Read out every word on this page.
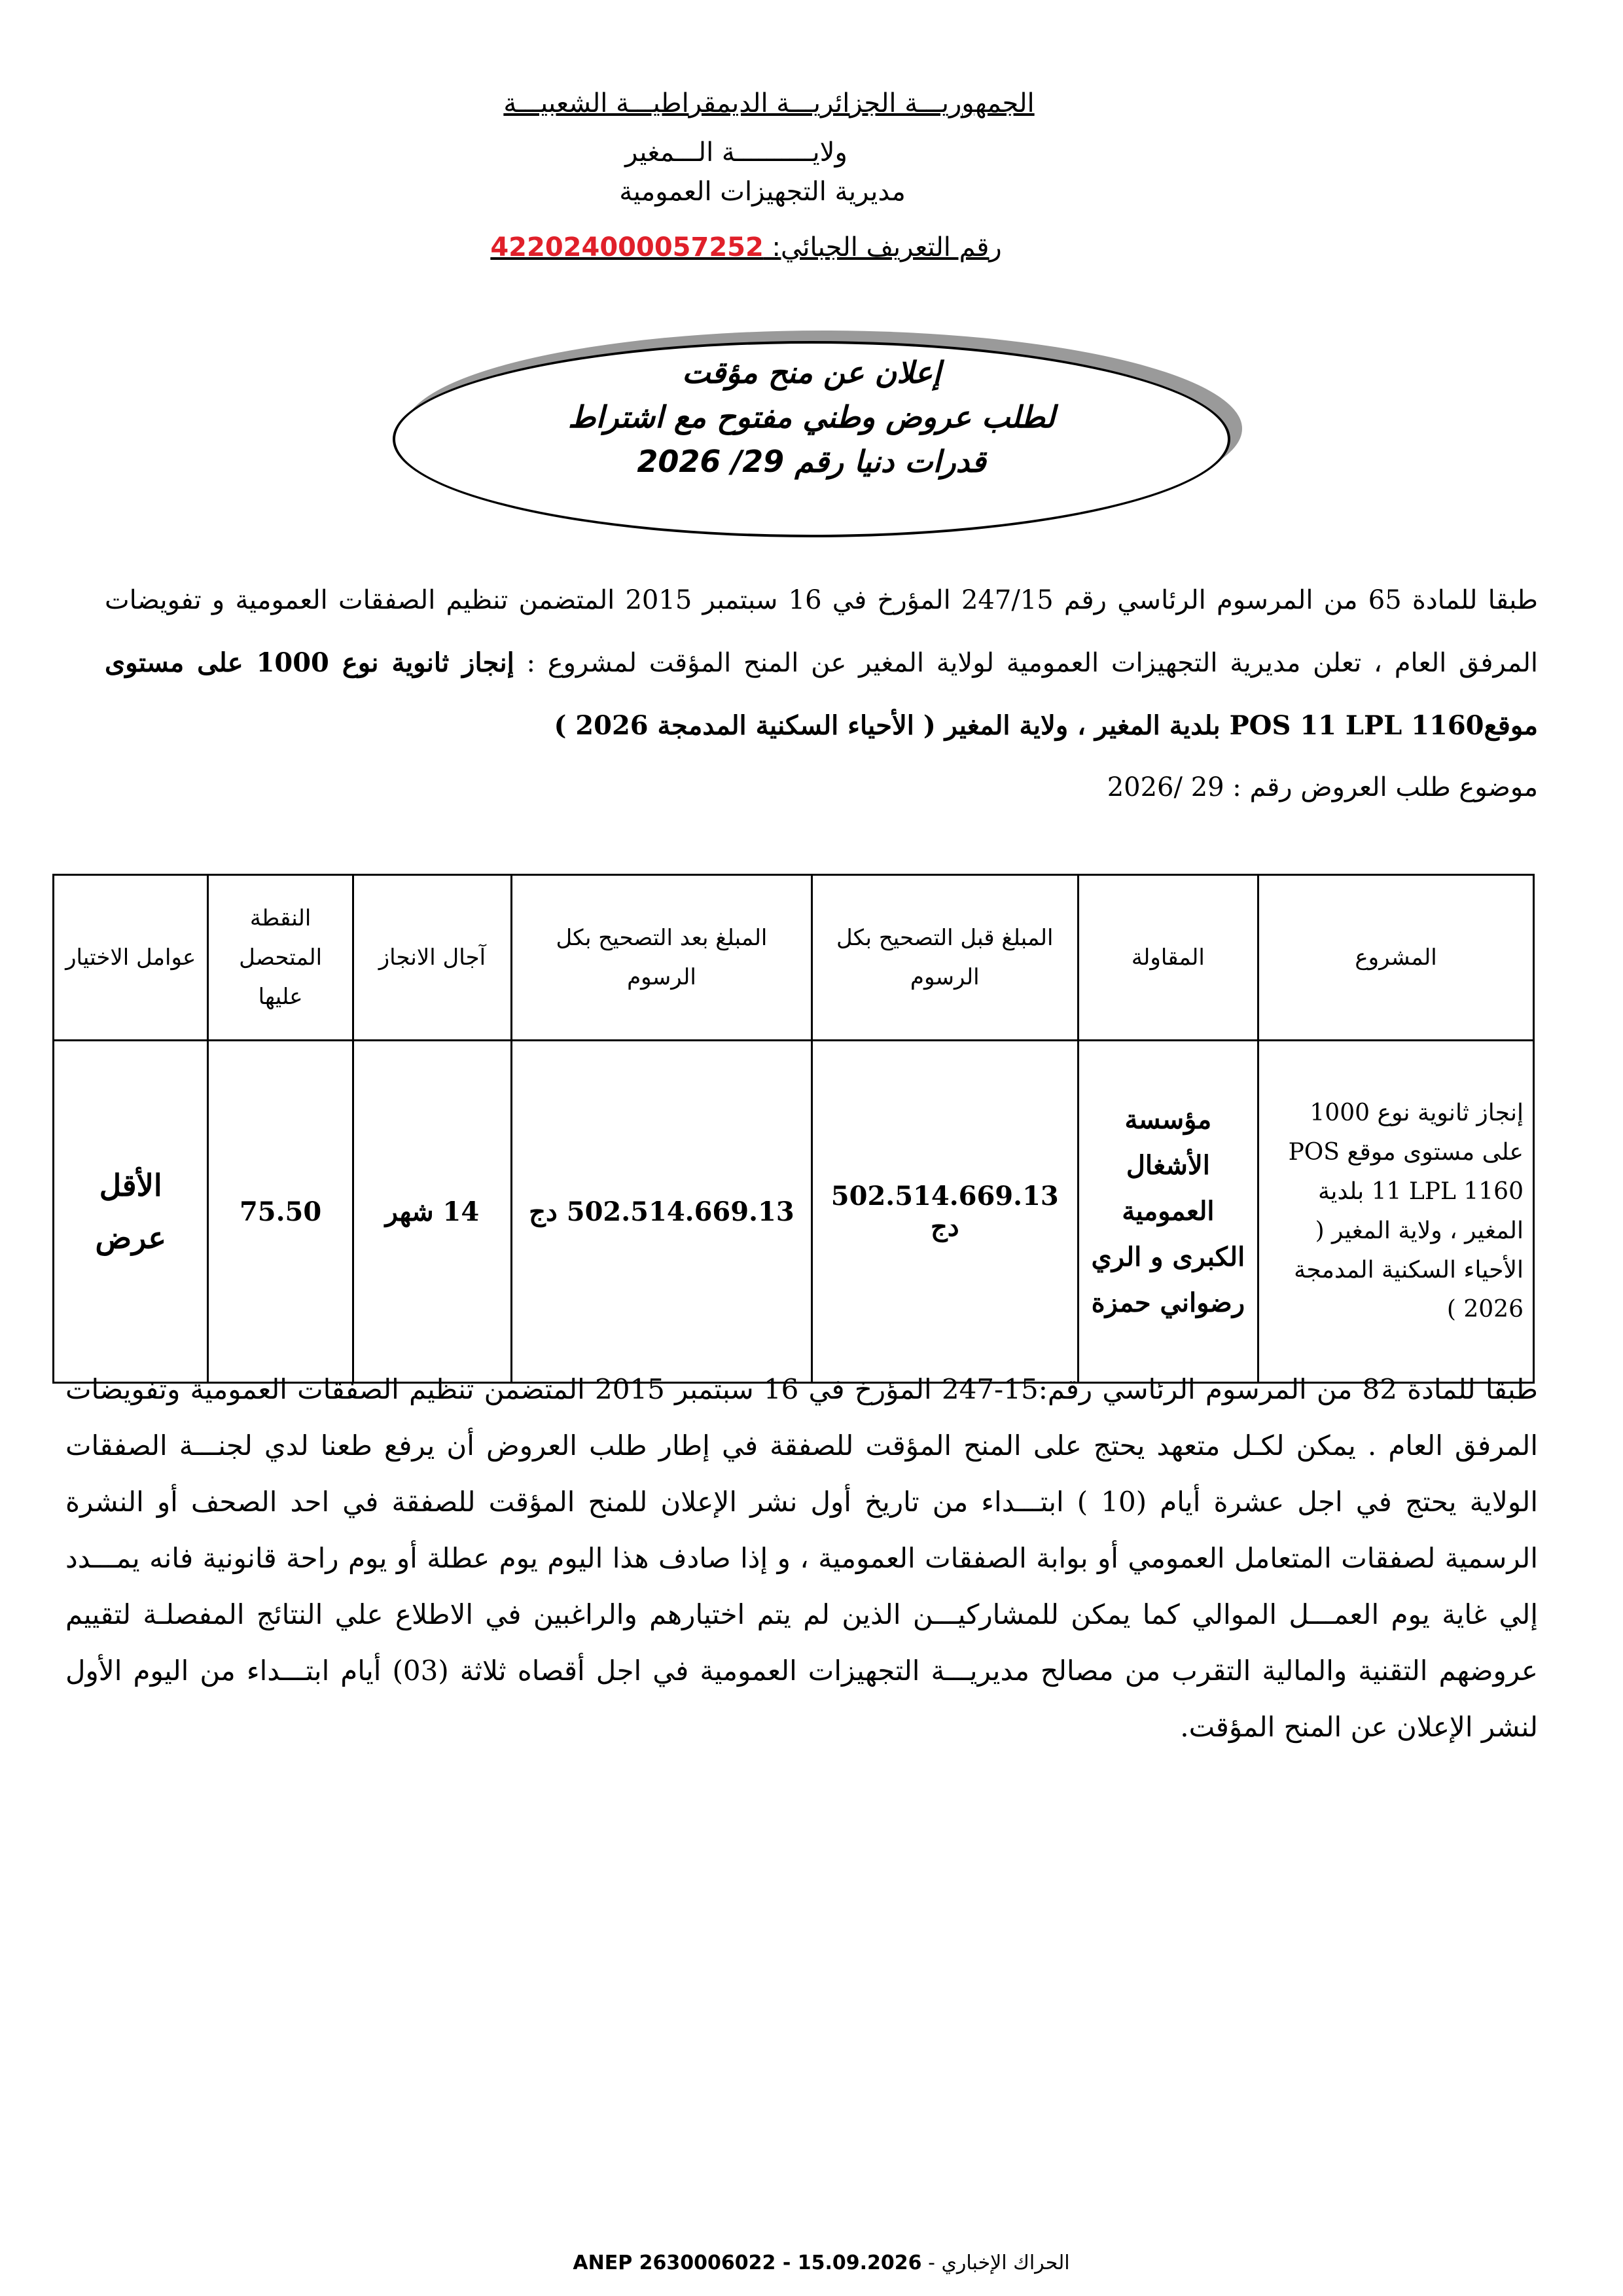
الجمهوريـــة الجزائريـــة الديمقراطيـــة الشعبيـــة
ولايــــــــــة الـــمغير
مديرية التجهيزات العمومية
رقم التعريف الجبائي: 422024000057252
إعلان عن منح مؤقت
لطلب عروض وطني مفتوح مع اشتراط
قدرات دنيا رقم 29/ 2026
طبقا للمادة 65 من المرسوم الرئاسي رقم 247/15 المؤرخ في 16 سبتمبر 2015 المتضمن تنظيم الصفقات العمومية و تفويضات المرفق العام ، تعلن مديرية التجهيزات العمومية لولاية المغير عن المنح المؤقت لمشروع : إنجاز ثانوية نوع 1000 على مستوى موقعPOS 11 LPL 1160 بلدية المغير ، ولاية المغير ( الأحياء السكنية المدمجة 2026 )
موضوع طلب العروض رقم : 29 /2026
المشروع	المقاولة	المبلغ قبل التصحيح بكل الرسوم	المبلغ بعد التصحيح بكل الرسوم	آجال الانجاز	النقطة المتحصل عليها	عوامل الاختيار
إنجاز ثانوية نوع 1000 على مستوى موقع POS 11 LPL 1160 بلدية المغير ، ولاية المغير ( الأحياء السكنية المدمجة 2026 )	مؤسسة الأشغال العمومية الكبرى و الري رضواني حمزة	502.514.669.13 دج	502.514.669.13 دج	14 شهر	75.50	الأقل عرض
طبقا للمادة 82 من المرسوم الرئاسي رقم:15-247 المؤرخ في 16 سبتمبر 2015 المتضمن تنظيم الصفقات العمومية وتفويضات المرفق العام . يمكن لكـل متعهد يحتج على المنح المؤقت للصفقة في إطار طلب العروض أن يرفع طعنا لدي لجنـــة الصفقات الولاية يحتج في اجل عشرة أيام (10 ) ابتـــداء من تاريخ أول نشر الإعلان للمنح المؤقت للصفقة في احد الصحف أو النشرة الرسمية لصفقات المتعامل العمومي أو بوابة الصفقات العمومية ، و إذا صادف هذا اليوم يوم عطلة أو يوم راحة قانونية فانه يمـــدد إلي غاية يوم العمـــل الموالي كما يمكن للمشاركيـــن الذين لم يتم اختيارهم والراغبين في الاطلاع علي النتائج المفصلـة لتقييم عروضهم التقنية والمالية التقرب من مصالح مديريـــة التجهيزات العمومية في اجل أقصاه ثلاثة (03) أيام ابتـــداء من اليوم الأول لنشر الإعلان عن المنح المؤقت.
ANEP 2630006022 - 15.09.2026 - الحراك الإخباري
